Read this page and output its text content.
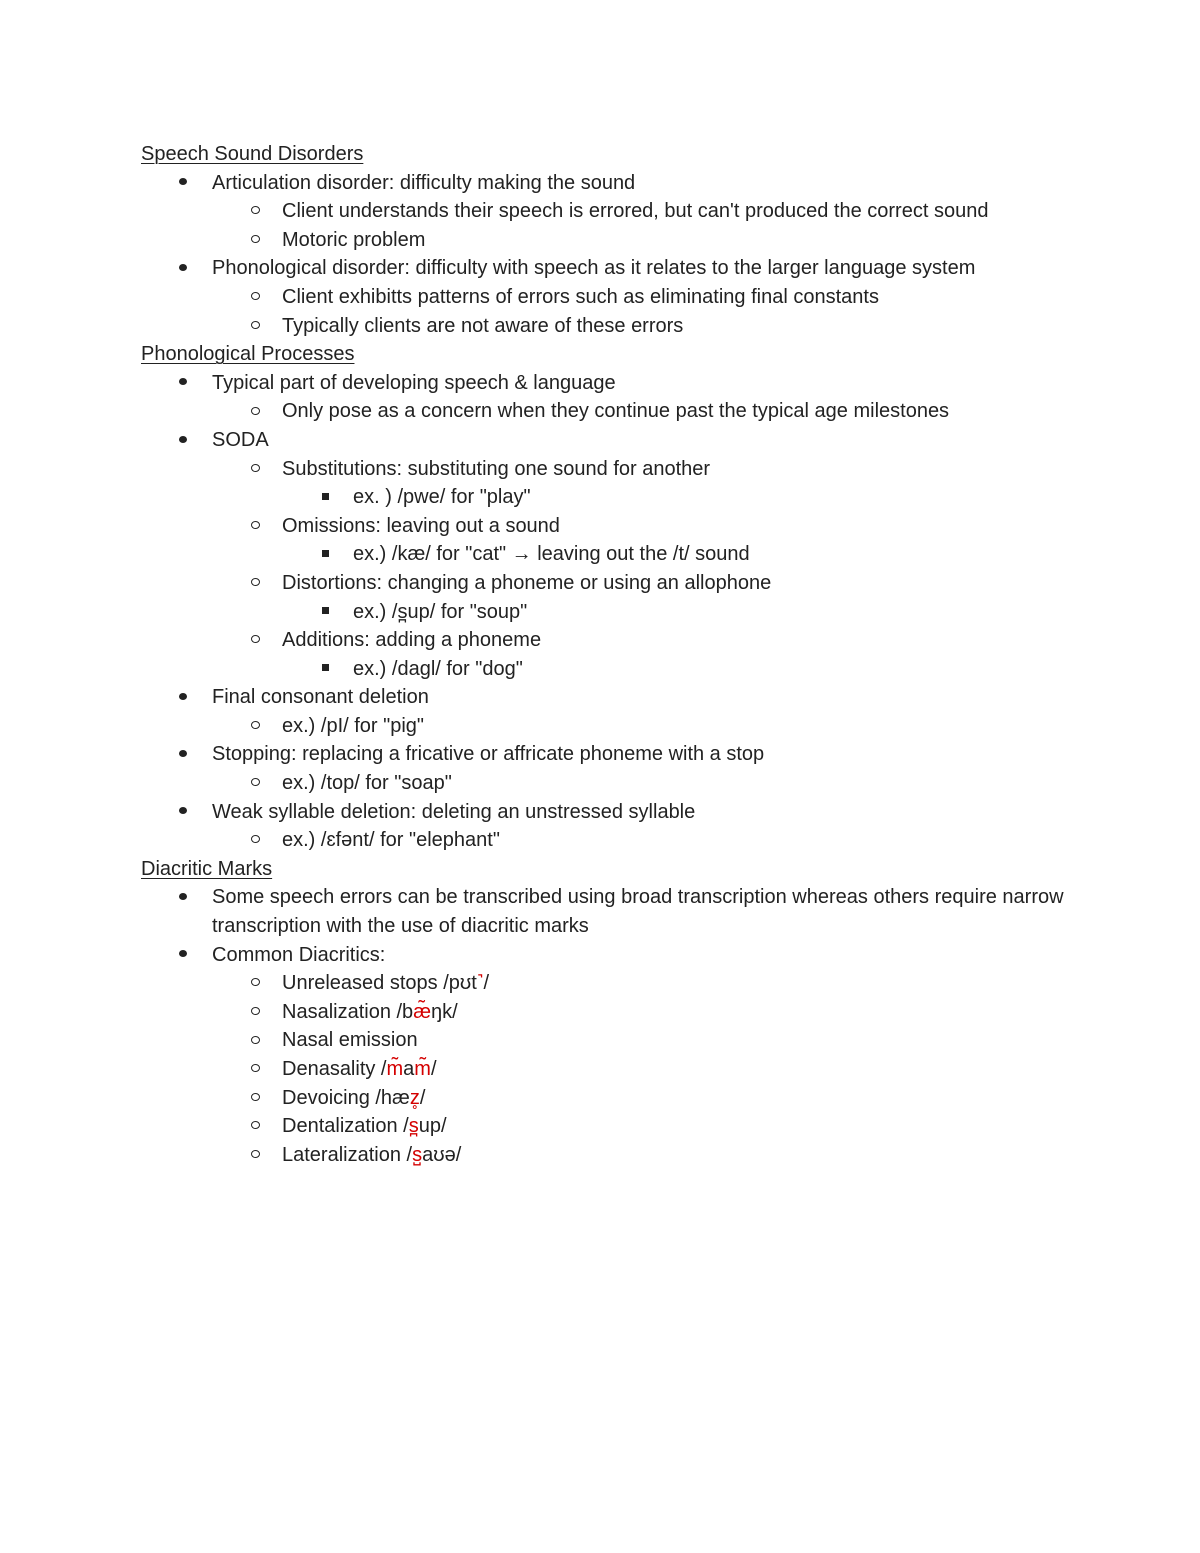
Speech Sound Disorders
Articulation disorder: difficulty making the sound
Client understands their speech is errored, but can't produced the correct sound
Motoric problem
Phonological disorder: difficulty with speech as it relates to the larger language system
Client exhibitts patterns of errors such as eliminating final constants
Typically clients are not aware of these errors
Phonological Processes
Typical part of developing speech & language
Only pose as a concern when they continue past the typical age milestones
SODA
Substitutions: substituting one sound for another
ex. ) /pwe/ for "play"
Omissions: leaving out a sound
ex.) /kæ/ for "cat" → leaving out the /t/ sound
Distortions: changing a phoneme or using an allophone
ex.) /s̪up/ for "soup"
Additions: adding a phoneme
ex.) /dagl/ for "dog"
Final consonant deletion
ex.) /pI/ for "pig"
Stopping: replacing a fricative or affricate phoneme with a stop
ex.) /top/ for "soap"
Weak syllable deletion: deleting an unstressed syllable
ex.) /ɛfənt/ for "elephant"
Diacritic Marks
Some speech errors can be transcribed using broad transcription whereas others require narrow transcription with the use of diacritic marks
Common Diacritics:
Unreleased stops /pʊt˺/
Nasalization /bæ̃ŋk/
Nasal emission
Denasality /m̃am̃/
Devoicing /hæz̥/
Dentalization /s̪up/
Lateralization /s̺aʊə/
